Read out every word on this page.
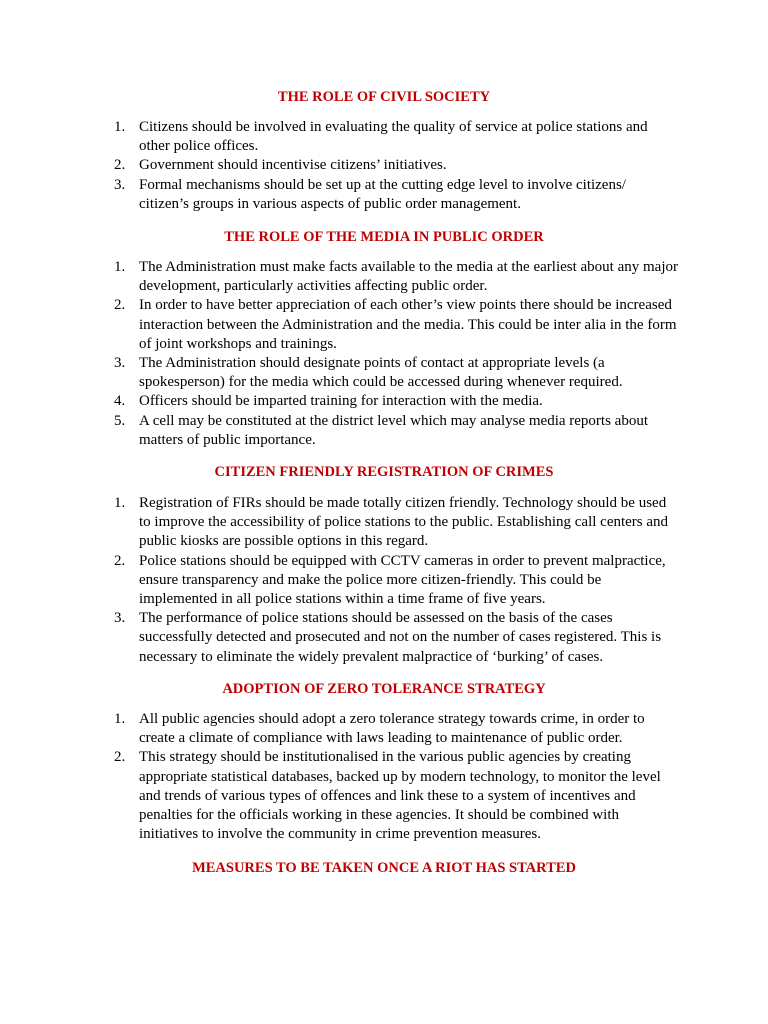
THE ROLE OF CIVIL SOCIETY
1. Citizens should be involved in evaluating the quality of service at police stations and other police offices.
2. Government should incentivise citizens’ initiatives.
3. Formal mechanisms should be set up at the cutting edge level to involve citizens/ citizen’s groups in various aspects of public order management.
THE ROLE OF THE MEDIA IN PUBLIC ORDER
1. The Administration must make facts available to the media at the earliest about any major development, particularly activities affecting public order.
2. In order to have better appreciation of each other’s view points there should be increased interaction between the Administration and the media. This could be inter alia in the form of joint workshops and trainings.
3. The Administration should designate points of contact at appropriate levels (a spokesperson) for the media which could be accessed during whenever required.
4. Officers should be imparted training for interaction with the media.
5. A cell may be constituted at the district level which may analyse media reports about matters of public importance.
CITIZEN FRIENDLY REGISTRATION OF CRIMES
1. Registration of FIRs should be made totally citizen friendly. Technology should be used to improve the accessibility of police stations to the public. Establishing call centers and public kiosks are possible options in this regard.
2. Police stations should be equipped with CCTV cameras in order to prevent malpractice, ensure transparency and make the police more citizen-friendly. This could be implemented in all police stations within a time frame of five years.
3. The performance of police stations should be assessed on the basis of the cases successfully detected and prosecuted and not on the number of cases registered. This is necessary to eliminate the widely prevalent malpractice of ‘burking’ of cases.
ADOPTION OF ZERO TOLERANCE STRATEGY
1. All public agencies should adopt a zero tolerance strategy towards crime, in order to create a climate of compliance with laws leading to maintenance of public order.
2. This strategy should be institutionalised in the various public agencies by creating appropriate statistical databases, backed up by modern technology, to monitor the level and trends of various types of offences and link these to a system of incentives and penalties for the officials working in these agencies. It should be combined with initiatives to involve the community in crime prevention measures.
MEASURES TO BE TAKEN ONCE A RIOT HAS STARTED
